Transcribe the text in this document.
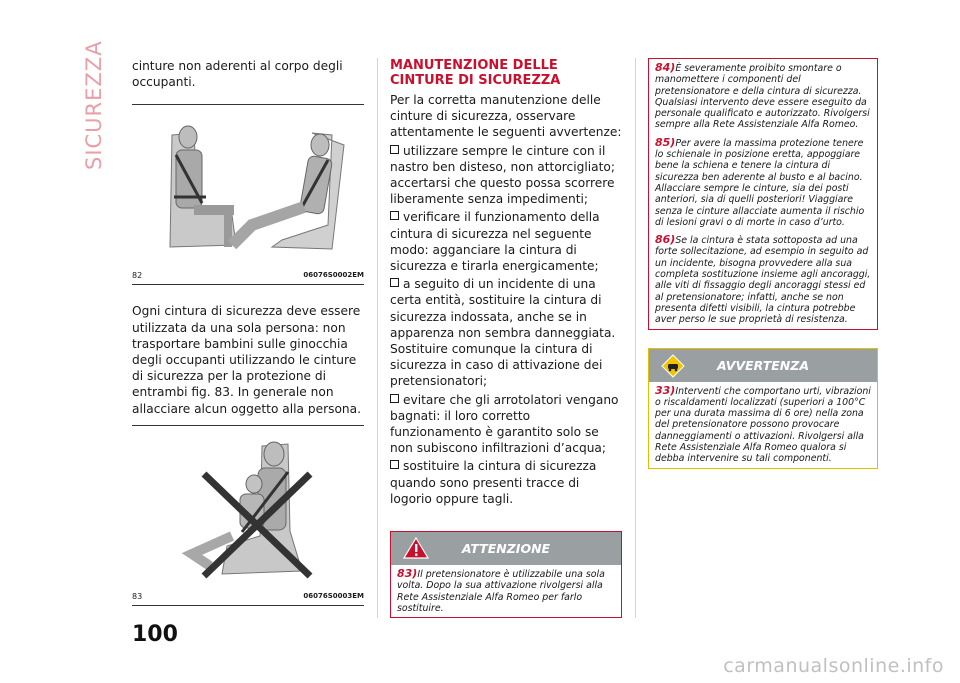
SICUREZZA cinture non aderenti al corpo degli occupanti.

82	06076S0002EM

Ogni cintura di sicurezza deve essere utilizzata da una sola persona: non trasportare bambini sulle ginocchia degli occupanti utilizzando le cinture di sicurezza per la protezione di entrambi fig. 83. In generale non allacciare alcun oggetto alla persona.

83	06076S0003EM

MANUTENZIONE DELLE CINTURE DI SICUREZZA

Per la corretta manutenzione delle cinture di sicurezza, osservare attentamente le seguenti avvertenze:

utilizzare sempre le cinture con il nastro ben disteso, non attorcigliato; accertarsi che questo possa scorrere liberamente senza impedimenti;

verificare il funzionamento della cintura di sicurezza nel seguente modo: agganciare la cintura di sicurezza e tirarla energicamente;

a seguito di un incidente di una certa entità, sostituire la cintura di sicurezza indossata, anche se in apparenza non sembra danneggiata. Sostituire comunque la cintura di sicurezza in caso di attivazione dei pretensionatori;

evitare che gli arrotolatori vengano bagnati: il loro corretto funzionamento è garantito solo se non subiscono infiltrazioni d’acqua;

sostituire la cintura di sicurezza quando sono presenti tracce di logorio oppure tagli.

ATTENZIONE

83)Il pretensionatore è utilizzabile una sola volta. Dopo la sua attivazione rivolgersi alla Rete Assistenziale Alfa Romeo per farlo sostituire.

84)È severamente proibito smontare o manomettere i componenti del pretensionatore e della cintura di sicurezza. Qualsiasi intervento deve essere eseguito da personale qualificato e autorizzato. Rivolgersi sempre alla Rete Assistenziale Alfa Romeo.

85)Per avere la massima protezione tenere lo schienale in posizione eretta, appoggiare bene la schiena e tenere la cintura di sicurezza ben aderente al busto e al bacino. Allacciare sempre le cinture, sia dei posti anteriori, sia di quelli posteriori! Viaggiare senza le cinture allacciate aumenta il rischio di lesioni gravi o di morte in caso d’urto.

86)Se la cintura è stata sottoposta ad una forte sollecitazione, ad esempio in seguito ad un incidente, bisogna provvedere alla sua completa sostituzione insieme agli ancoraggi, alle viti di fissaggio degli ancoraggi stessi ed al pretensionatore; infatti, anche se non presenta difetti visibili, la cintura potrebbe aver perso le sue proprietà di resistenza.

AVVERTENZA

33)Interventi che comportano urti, vibrazioni o riscaldamenti localizzati (superiori a 100°C per una durata massima di 6 ore) nella zona del pretensionatore possono provocare danneggiamenti o attivazioni. Rivolgersi alla Rete Assistenziale Alfa Romeo qualora si debba intervenire su tali componenti.

100
carmanualsonline.info
